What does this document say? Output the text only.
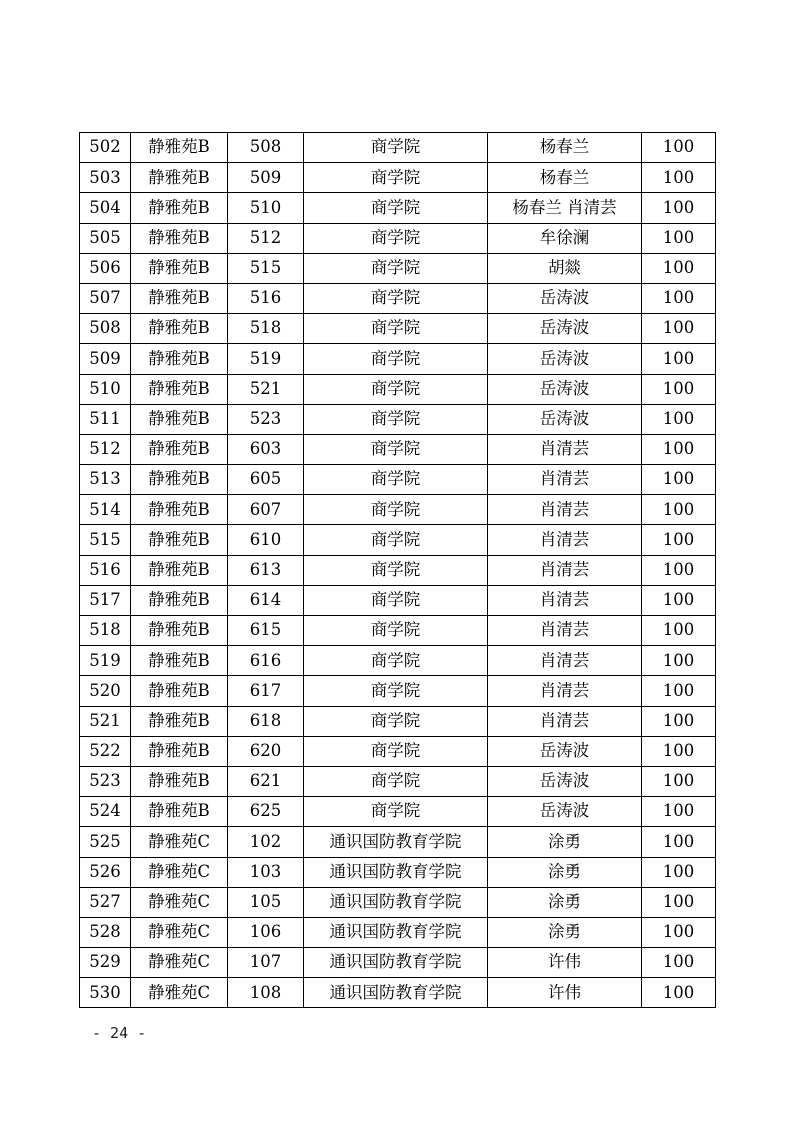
502	静雅苑B	508	商学院	杨春兰	100
503	静雅苑B	509	商学院	杨春兰	100
504	静雅苑B	510	商学院	杨春兰 肖清芸	100
505	静雅苑B	512	商学院	牟徐澜	100
506	静雅苑B	515	商学院	胡燚	100
507	静雅苑B	516	商学院	岳涛波	100
508	静雅苑B	518	商学院	岳涛波	100
509	静雅苑B	519	商学院	岳涛波	100
510	静雅苑B	521	商学院	岳涛波	100
511	静雅苑B	523	商学院	岳涛波	100
512	静雅苑B	603	商学院	肖清芸	100
513	静雅苑B	605	商学院	肖清芸	100
514	静雅苑B	607	商学院	肖清芸	100
515	静雅苑B	610	商学院	肖清芸	100
516	静雅苑B	613	商学院	肖清芸	100
517	静雅苑B	614	商学院	肖清芸	100
518	静雅苑B	615	商学院	肖清芸	100
519	静雅苑B	616	商学院	肖清芸	100
520	静雅苑B	617	商学院	肖清芸	100
521	静雅苑B	618	商学院	肖清芸	100
522	静雅苑B	620	商学院	岳涛波	100
523	静雅苑B	621	商学院	岳涛波	100
524	静雅苑B	625	商学院	岳涛波	100
525	静雅苑C	102	通识国防教育学院	涂勇	100
526	静雅苑C	103	通识国防教育学院	涂勇	100
527	静雅苑C	105	通识国防教育学院	涂勇	100
528	静雅苑C	106	通识国防教育学院	涂勇	100
529	静雅苑C	107	通识国防教育学院	许伟	100
530	静雅苑C	108	通识国防教育学院	许伟	100
- 24 -
